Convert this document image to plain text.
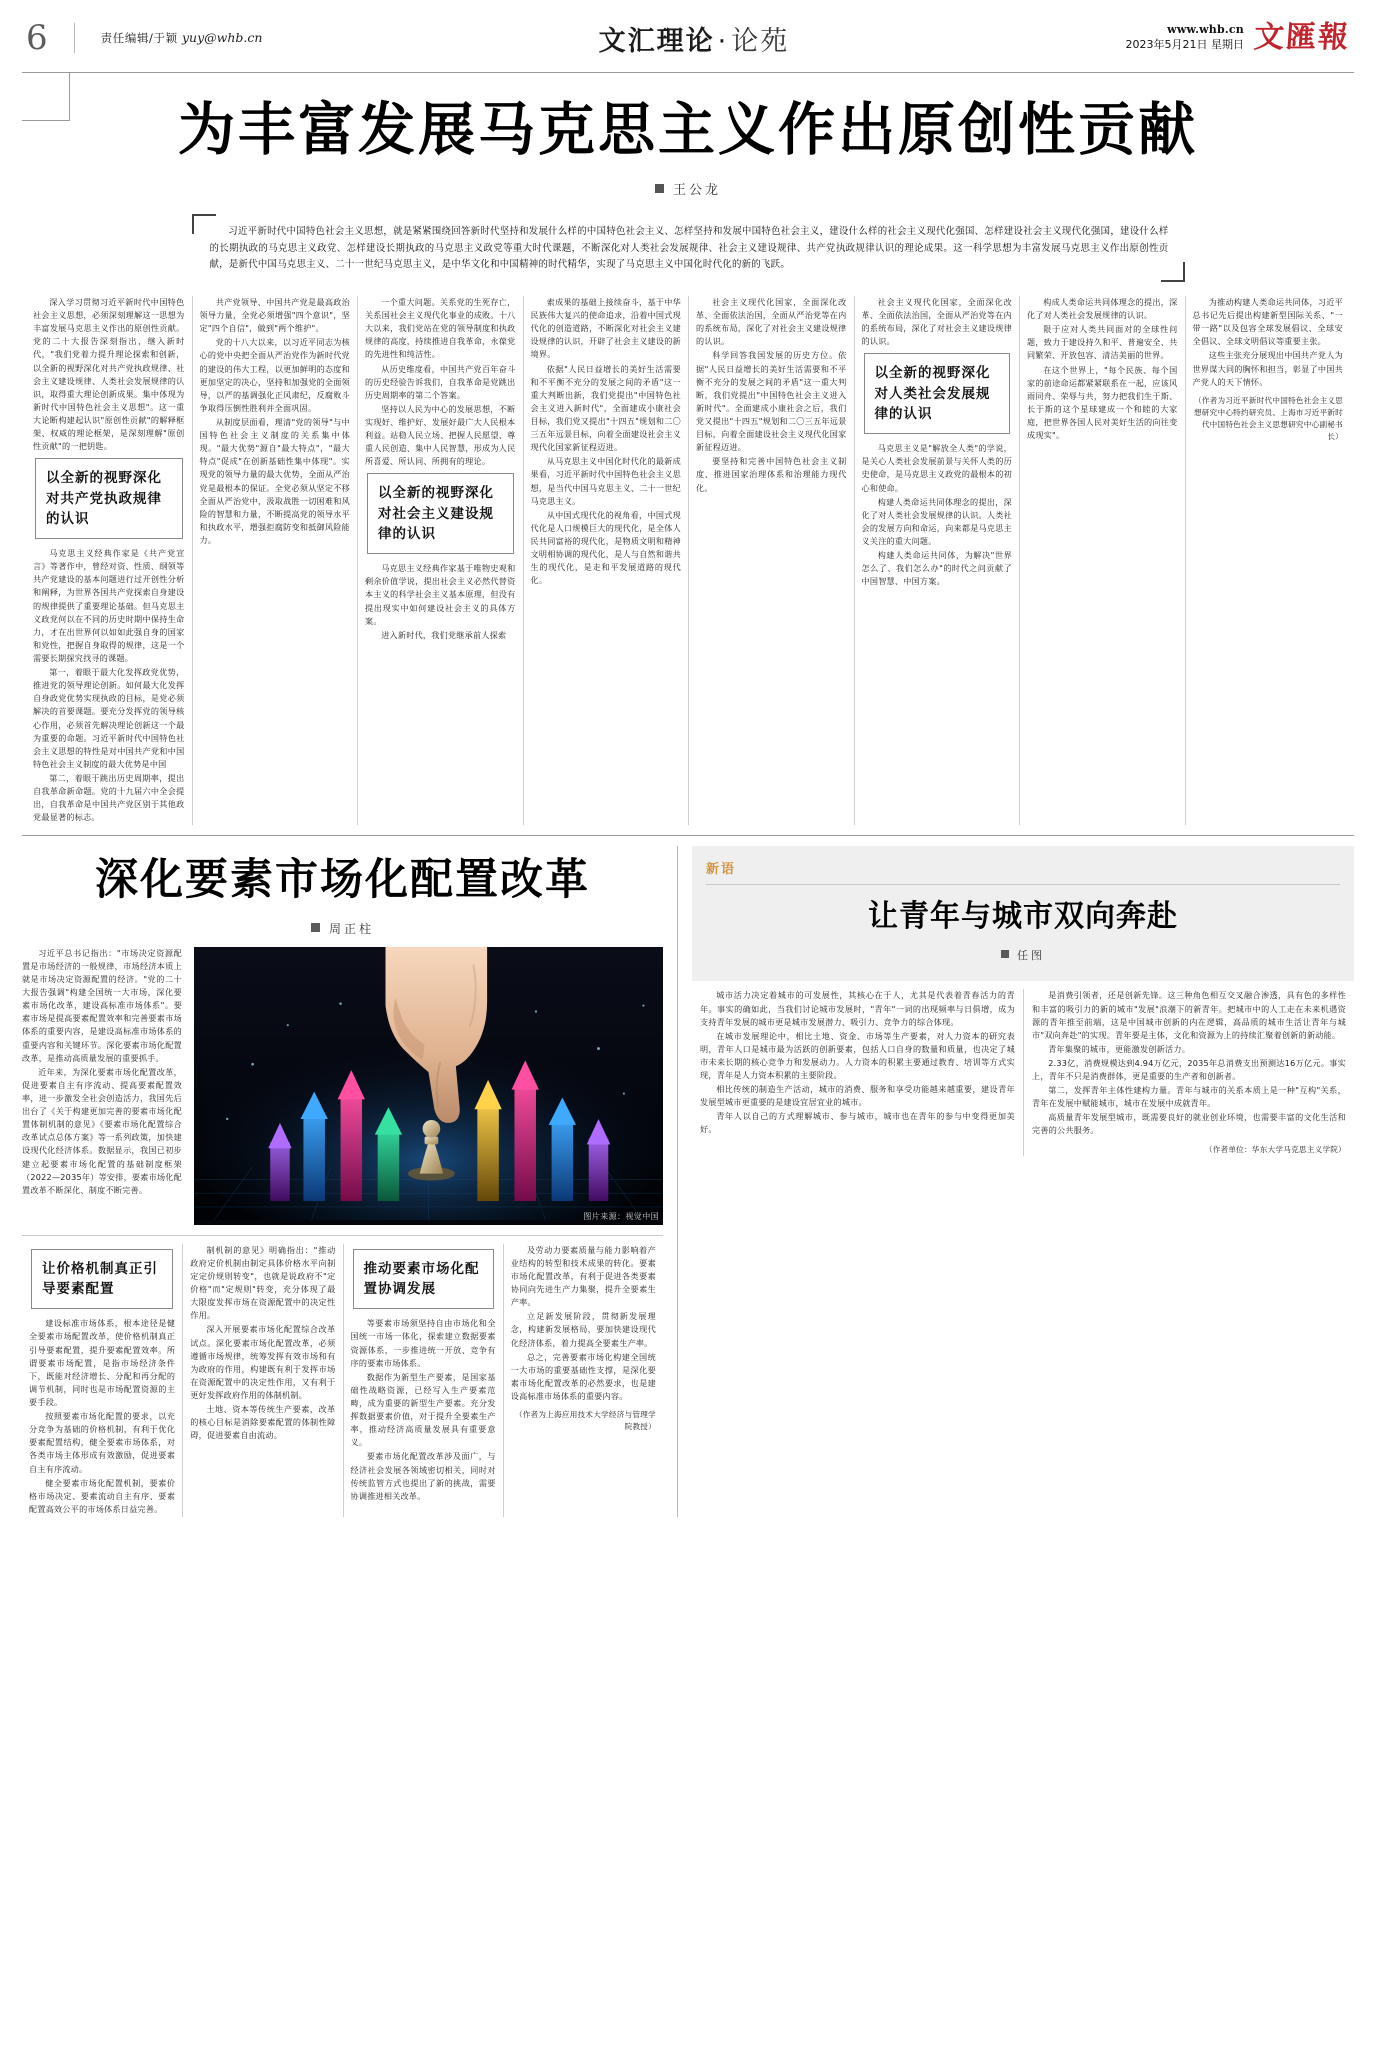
6	责任编辑/于颖 yuy@whb.cn	文汇理论 · 论苑	www.whb.cn
2023年5月21日 星期日 文匯報
为丰富发展马克思主义作出原创性贡献
王公龙

习近平新时代中国特色社会主义思想，就是紧紧围绕回答新时代坚持和发展什么样的中国特色社会主义、怎样坚持和发展中国特色社会主义，建设什么样的社会主义现代化强国、怎样建设社会主义现代化强国，建设什么样的长期执政的马克思主义政党、怎样建设长期执政的马克思主义政党等重大时代课题，不断深化对人类社会发展规律、社会主义建设规律、共产党执政规律认识的理论成果。这一科学思想为丰富发展马克思主义作出原创性贡献，是新代中国马克思主义、二十一世纪马克思主义，是中华文化和中国精神的时代精华，实现了马克思主义中国化时代化的新的飞跃。

深入学习贯彻习近平新时代中国特色社会主义思想，必须深刻理解这一思想为丰富发展马克思主义作出的原创性贡献。党的二十大报告深刻指出，继入新时代，"我们党着力提升理论探索和创新，以全新的视野深化对共产党执政规律、社会主义建设规律、人类社会发展规律的认识，取得重大理论创新成果。集中体现为新时代中国特色社会主义思想"。这一重大论断构建起认识"原创性贡献"的解释框架、权威的理论框架，是深刻理解"原创性贡献"的一把钥匙。

以全新的视野深化对共产党执政规律的认识

马克思主义经典作家是《共产党宣言》等著作中，曾经对资、性质、纲领等共产党建设的基本问题进行过开创性分析和阐释，为世界各国共产党探索自身建设的规律提供了重要理论基础。但马克思主义政党何以在不同的历史时期中保持生命力，才在出世界何以如如此强自身的国家和党性，把握自身取得的规律，这是一个需要长期探究找寻的课题。

第一，着眼于最大化发挥政党优势，推进党的领导理论创新。如何最大化发挥自身政党优势实现执政的目标，是党必须解决的首要课题。要充分发挥党的领导核心作用，必须首先解决理论创新这一个最为重要的命题。习近平新时代中国特色社会主义思想的特性是对中国共产党和中国特色社会主义制度的最大优势是中国

第二，着眼于跳出历史周期率，提出自我革命新命题。党的十九届六中全会提出，自我革命是中国共产党区别于其他政党最显著的标志。

共产党领导、中国共产党是最高政治领导力量，全党必须增强"四个意识"，坚定"四个自信"，做到"两个维护"。

党的十八大以来，以习近平同志为核心的党中央把全面从严治党作为新时代党的建设的伟大工程，以更加鲜明的态度和更加坚定的决心，坚持和加强党的全面领导，以严的基调强化正风肃纪，反腐败斗争取得压倒性胜利并全面巩固。

从制度层面看，理清"党的领导"与中国特色社会主义制度的关系集中体现。"最大优势"源自"最大特点"，"最大特点"促成"在创新基础性集中体现"。实现党的领导力量的最大优势，全面从严治党是最根本的保证。全党必须从坚定不移全面从严治党中，汲取战胜一切困难和风险的智慧和力量，不断提高党的领导水平和执政水平，增强拒腐防变和抵御风险能力。

一个重大问题。关系党的生死存亡，关系国社会主义现代化事业的成败。十八大以来，我们党站在党的领导制度和执政规律的高度，持续推进自我革命，永葆党的先进性和纯洁性。

从历史维度看，中国共产党百年奋斗的历史经验告诉我们，自我革命是党跳出历史周期率的第二个答案。

坚持以人民为中心的发展思想，不断实现好、维护好、发展好最广大人民根本利益。站稳人民立场、把握人民愿望、尊重人民创造、集中人民智慧，形成为人民所喜爱、所认同、所拥有的理论。

以全新的视野深化对社会主义建设规律的认识

马克思主义经典作家基于唯物史观和剩余价值学说，提出社会主义必然代替资本主义的科学社会主义基本原理，但没有提出现实中如何建设社会主义的具体方案。

进入新时代，我们党继承前人探索

索成果的基础上接续奋斗，基于中华民族伟大复兴的使命追求，沿着中国式现代化的创造道路，不断深化对社会主义建设规律的认识，开辟了社会主义建设的新境界。

依据"人民日益增长的美好生活需要和不平衡不充分的发展之间的矛盾"这一重大判断出新，我们党提出"中国特色社会主义进入新时代"，全面建成小康社会目标，我们党又提出"十四五"规划和二〇三五年远景目标，向着全面建设社会主义现代化国家新征程迈进。

从马克思主义中国化时代化的最新成果看，习近平新时代中国特色社会主义思想，是当代中国马克思主义、二十一世纪马克思主义。

从中国式现代化的视角看，中国式现代化是人口规模巨大的现代化，是全体人民共同富裕的现代化，是物质文明和精神文明相协调的现代化，是人与自然和谐共生的现代化，是走和平发展道路的现代化。

社会主义现代化国家，全面深化改革、全面依法治国，全面从严治党等在内的系统布局，深化了对社会主义建设规律的认识。

科学回答我国发展的历史方位。依据"人民日益增长的美好生活需要和不平衡不充分的发展之间的矛盾"这一重大判断，我们党提出"中国特色社会主义进入新时代"。全面建成小康社会之后，我们党又提出"十四五"规划和二〇三五年远景目标，向着全面建设社会主义现代化国家新征程迈进。

要坚持和完善中国特色社会主义制度、推进国家治理体系和治理能力现代化。

社会主义现代化国家，全面深化改革、全面依法治国，全面从严治党等在内的系统布局，深化了对社会主义建设规律的认识。

以全新的视野深化对人类社会发展规律的认识

马克思主义是"解放全人类"的学说，是关心人类社会发展前景与关怀人类的历史使命，是马克思主义政党的最根本的初心和使命。

构建人类命运共同体理念的提出，深化了对人类社会发展规律的认识。人类社会的发展方向和命运，向来都是马克思主义关注的重大问题。

构建人类命运共同体，为解决"世界怎么了、我们怎么办"的时代之问贡献了中国智慧、中国方案。

构成人类命运共同体理念的提出，深化了对人类社会发展规律的认识。

限于应对人类共同面对的全球性问题，致力于建设持久和平、普遍安全、共同繁荣、开放包容、清洁美丽的世界。

在这个世界上，"每个民族、每个国家的前途命运都紧紧联系在一起，应该风雨同舟、荣辱与共，努力把我们生于斯、长于斯的这个星球建成一个和睦的大家庭，把世界各国人民对美好生活的向往变成现实"。

为推动构建人类命运共同体，习近平总书记先后提出构建新型国际关系、"一带一路"以及包容全球发展倡议、全球安全倡议、全球文明倡议等重要主张。

这些主张充分展现出中国共产党人为世界谋大同的胸怀和担当，彰显了中国共产党人的天下情怀。

（作者为习近平新时代中国特色社会主义思想研究中心特约研究员、上海市习近平新时代中国特色社会主义思想研究中心副秘书长）
深化要素市场化配置改革
周正柱

习近平总书记指出："市场决定资源配置是市场经济的一般规律，市场经济本质上就是市场决定资源配置的经济。"党的二十大报告强调"构建全国统一大市场，深化要素市场化改革，建设高标准市场体系"。要素市场是提高要素配置效率和完善要素市场体系的重要内容，是建设高标准市场体系的重要内容和关键环节。深化要素市场化配置改革，是推动高质量发展的重要抓手。

近年来，为深化要素市场化配置改革，促进要素自主有序流动、提高要素配置效率，进一步激发全社会创造活力，我国先后出台了《关于构建更加完善的要素市场化配置体制机制的意见》《要素市场化配置综合改革试点总体方案》等一系列政策，加快建设现代化经济体系。数据显示，我国已初步建立起要素市场化配置的基础制度框架（2022—2035年）等安排，要素市场化配置改革不断深化、制度不断完善。

图片来源：视觉中国
让价格机制真正引导要素配置

建设标准市场体系，根本途径是健全要素市场配置改革，使价格机制真正引导要素配置，提升要素配置效率。所谓要素市场配置，是指市场经济条件下，既能对经济增长、分配和再分配的调节机制，同时也是市场配置资源的主要手段。

按照要素市场化配置的要求，以充分竞争为基础的价格机制，有利于优化要素配置结构，健全要素市场体系，对各类市场主体形成有效激励，促进要素自主有序流动。

健全要素市场化配置机制，要素价格市场决定、要素流动自主有序、要素配置高效公平的市场体系日益完善。

制机制的意见》明确指出："推动政府定价机制由制定具体价格水平向制定定价规则转变"，也就是说政府不"定价格"而"定规则"转变，充分体现了最大限度发挥市场在资源配置中的决定性作用。

深入开展要素市场化配置综合改革试点。深化要素市场化配置改革，必须遵循市场规律，统筹发挥有效市场和有为政府的作用，构建既有利于发挥市场在资源配置中的决定性作用，又有利于更好发挥政府作用的体制机制。

土地、资本等传统生产要素，改革的核心目标是消除要素配置的体制性障碍，促进要素自由流动。

推动要素市场化配置协调发展

等要素市场须坚持自由市场化和全国统一市场一体化，探索建立数据要素资源体系，一步推进统一开放、竞争有序的要素市场体系。

数据作为新型生产要素，是国家基础性战略资源，已经写入生产要素范畴，成为重要的新型生产要素。充分发挥数据要素价值，对于提升全要素生产率，推动经济高质量发展具有重要意义。

要素市场化配置改革涉及面广，与经济社会发展各领域密切相关，同时对传统监管方式也提出了新的挑战，需要协调推进相关改革。

及劳动力要素质量与能力影响着产业结构的转型和技术成果的转化。要素市场化配置改革，有利于促进各类要素协同向先进生产力集聚，提升全要素生产率。

立足新发展阶段，贯彻新发展理念，构建新发展格局，要加快建设现代化经济体系，着力提高全要素生产率。

总之，完善要素市场化构建全国统一大市场的重要基础性支撑，是深化要素市场化配置改革的必然要求，也是建设高标准市场体系的重要内容。

（作者为上海应用技术大学经济与管理学院教授）
新语
让青年与城市双向奔赴
任图

城市活力决定着城市的可发展性，其核心在于人，尤其是代表着青春活力的青年。事实的确如此，当我们讨论城市发展时，"青年"一词的出现频率与日俱增，成为支持青年发展的城市更是城市发展潜力、吸引力、竞争力的综合体现。

在城市发展理论中，相比土地、资金、市场等生产要素，对人力资本的研究表明，青年人口是城市最为活跃的创新要素，包括人口自身的数量和质量，也决定了城市未来长期的核心竞争力和发展动力。人力资本的积累主要通过教育、培训等方式实现，青年是人力资本积累的主要阶段。

相比传统的制造生产活动，城市的消费、服务和享受功能越来越重要，建设青年发展型城市更重要的是建设宜居宜业的城市。

青年人以自己的方式理解城市、参与城市，城市也在青年的参与中变得更加美好。

是消费引领者，还是创新先锋。这三种角色相互交叉融合渗透，具有色的多样性和丰富的吸引力的新的城市"发展"浪潮下的新青年。把城市中的人工走在未来机遇资源的青年推至前端，这是中国城市创新的内在逻辑，高品质的城市生活让青年与城市"双向奔赴"的实现。青年要是主体，文化和资源为上的持续汇聚着创新的新动能。

青年集聚的城市，更能激发创新活力。

2.33亿，消费规模达到4.94万亿元，2035年总消费支出预测达16万亿元。事实上，青年不只是消费群体，更是重要的生产者和创新者。

第二，发挥青年主体性建构力量。青年与城市的关系本质上是一种"互构"关系，青年在发展中赋能城市，城市在发展中成就青年。

高质量青年发展型城市，既需要良好的就业创业环境，也需要丰富的文化生活和完善的公共服务。

（作者单位：华东大学马克思主义学院）
